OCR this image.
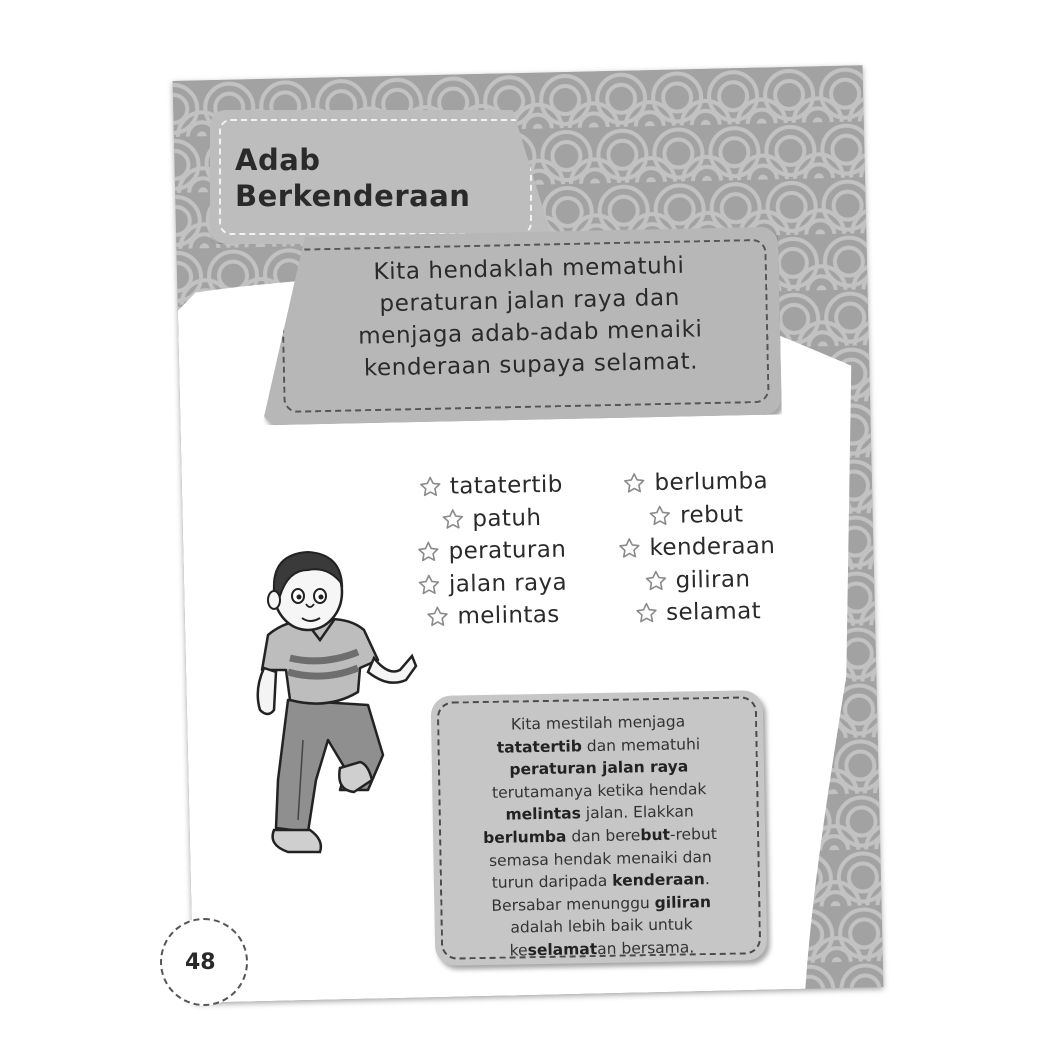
Adab
Berkenderaan
Kita hendaklah mematuhi
peraturan jalan raya dan
menjaga adab-adab menaiki
kenderaan supaya selamat.
tatatertib
patuh
peraturan
jalan raya
melintas
berlumba
rebut
kenderaan
giliran
selamat
Kita mestilah menjaga
tatatertib dan mematuhi
peraturan jalan raya
terutamanya ketika hendak
melintas jalan. Elakkan
berlumba dan berebut-rebut
semasa hendak menaiki dan
turun daripada kenderaan.
Bersabar menunggu giliran
adalah lebih baik untuk
keselamatan bersama.
48
